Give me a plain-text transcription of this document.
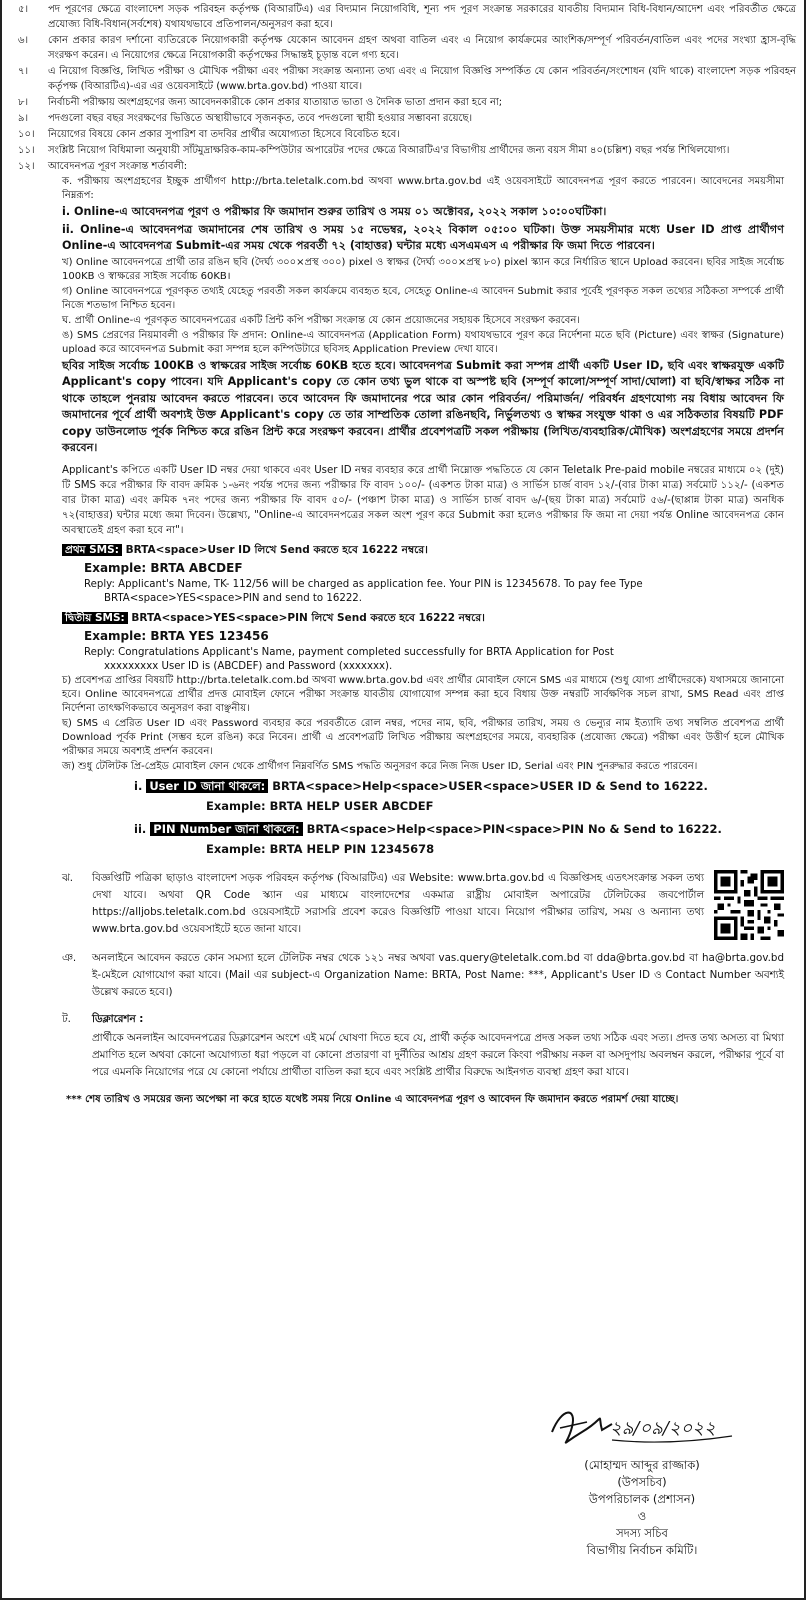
৫।	পদ পূরণের ক্ষেত্রে বাংলাদেশ সড়ক পরিবহন কর্তৃপক্ষ (বিআরটিএ) এর বিদ্যমান নিয়োগবিধি, শূন্য পদ পূরণ সংক্রান্ত সরকারের যাবতীয় বিদ্যমান বিধি-বিধান/আদেশ এবং পরিবর্তীত ক্ষেত্রে প্রযোজ্য বিধি-বিধান(সর্বশেষ) যথাযথভাবে প্রতিপালন/অনুসরণ করা হবে।
৬।	কোন প্রকার কারণ দর্শানো ব্যতিরেকে নিয়োগকারী কর্তৃপক্ষ যেকোন আবেদন গ্রহণ অথবা বাতিল এবং এ নিয়োগ কার্যক্রমের আংশিক/সম্পূর্ণ পরিবর্তন/বাতিল এবং পদের সংখ্যা হ্রাস-বৃদ্ধি সংরক্ষণ করেন। এ নিয়োগের ক্ষেত্রে নিয়োগকারী কর্তৃপক্ষের সিদ্ধান্তই চূড়ান্ত বলে গণ্য হবে।
৭।	এ নিয়োগ বিজ্ঞপ্তি, লিখিত পরীক্ষা ও মৌখিক পরীক্ষা এবং পরীক্ষা সংক্রান্ত অন্যান্য তথ্য এবং এ নিয়োগ বিজ্ঞপ্তি সম্পর্কিত যে কোন পরিবর্তন/সংশোধন (যদি থাকে) বাংলাদেশ সড়ক পরিবহন কর্তৃপক্ষ (বিআরটিএ)-এর এর ওয়েবসাইটে (www.brta.gov.bd) পাওয়া যাবে।
৮।	নির্বাচনী পরীক্ষায় অংশগ্রহণের জন্য আবেদনকারীকে কোন প্রকার যাতায়াত ভাতা ও দৈনিক ভাতা প্রদান করা হবে না;
৯।	পদগুলো বছর বছর সংরক্ষণের ভিত্তিতে অস্থায়ীভাবে সৃজনকৃত, তবে পদগুলো স্থায়ী হওয়ার সম্ভাবনা রয়েছে।
১০।	নিয়োগের বিষয়ে কোন প্রকার সুপারিশ বা তদবির প্রার্থীর অযোগ্যতা হিসেবে বিবেচিত হবে।
১১।	সংশ্লিষ্ট নিয়োগ বিধিমালা অনুযায়ী সাঁটমুদ্রাক্ষরিক-কাম-কম্পিউটার অপারেটর পদের ক্ষেত্রে বিআরটিএ'র বিভাগীয় প্রার্থীদের জন্য বয়স সীমা ৪০(চল্লিশ) বছর পর্যন্ত শিথিলযোগ্য।
১২।	আবেদনপত্র পূরণ সংক্রান্ত শর্তাবলী:
ক. পরীক্ষায় অংশগ্রহণের ইচ্ছুক প্রার্থীগণ http://brta.teletalk.com.bd অথবা www.brta.gov.bd এই ওয়েবসাইটে আবেদনপত্র পূরণ করতে পারবেন। আবেদনের সময়সীমা নিম্নরূপ:
i. Online-এ আবেদনপত্র পূরণ ও পরীক্ষার ফি জমাদান শুরুর তারিখ ও সময় ০১ অক্টোবর, ২০২২ সকাল ১০:০০ঘটিকা।
ii. Online-এ আবেদনপত্র জমাদানের শেষ তারিখ ও সময় ১৫ নভেম্বর, ২০২২ বিকাল ০৫:০০ ঘটিকা। উক্ত সময়সীমার মধ্যে User ID প্রাপ্ত প্রার্থীগণ Online-এ আবেদনপত্র Submit-এর সময় থেকে পরবর্তী ৭২ (বাহাত্তর) ঘন্টার মধ্যে এসএমএস এ পরীক্ষার ফি জমা দিতে পারবেন।
খ) Online আবেদনপত্রে প্রার্থী তার রঙিন ছবি (দৈর্ঘ্য ৩০০×প্রস্থ ৩০০) pixel ও স্বাক্ষর (দৈর্ঘ্য ৩০০×প্রস্থ ৮০) pixel স্ক্যান করে নির্ধারিত স্থানে Upload করবেন। ছবির সাইজ সর্বোচ্চ 100KB ও স্বাক্ষরের সাইজ সর্বোচ্চ 60KB।
গ) Online আবেদনপত্রে পূরণকৃত তথ্যই যেহেতু পরবর্তী সকল কার্যক্রমে ব্যবহৃত হবে, সেহেতু Online-এ আবেদন Submit করার পূর্বেই পূরণকৃত সকল তথ্যের সঠিকতা সম্পর্কে প্রার্থী নিজে শতভাগ নিশ্চিত হবেন।
ঘ. প্রার্থী Online-এ পূরণকৃত আবেদনপত্রের একটি প্রিন্ট কপি পরীক্ষা সংক্রান্ত যে কোন প্রয়োজনের সহায়ক হিসেবে সংরক্ষণ করবেন।
ঙ) SMS প্রেরণের নিয়মাবলী ও পরীক্ষার ফি প্রদান: Online-এ আবেদনপত্র (Application Form) যথাযথভাবে পূরণ করে নির্দেশনা মতে ছবি (Picture) এবং স্বাক্ষর (Signature) upload করে আবেদনপত্র Submit করা সম্পন্ন হলে কম্পিউটারে ছবিসহ Application Preview দেখা যাবে।
ছবির সাইজ সর্বোচ্চ 100KB ও স্বাক্ষরের সাইজ সর্বোচ্চ 60KB হতে হবে। আবেদনপত্র Submit করা সম্পন্ন প্রার্থী একটি User ID, ছবি এবং স্বাক্ষরযুক্ত একটি Applicant's copy পাবেন। যদি Applicant's copy তে কোন তথ্য ভুল থাকে বা অস্পষ্ট ছবি (সম্পূর্ণ কালো/সম্পূর্ণ সাদা/ঘোলা) বা ছবি/স্বাক্ষর সঠিক না থাকে তাহলে পুনরায় আবেদন করতে পারবেন। তবে আবেদন ফি জমাদানের পরে আর কোন পরিবর্তন/ পরিমার্জন/ পরিবর্ধন গ্রহণযোগ্য নয় বিধায় আবেদন ফি জমাদানের পূর্বে প্রার্থী অবশ্যই উক্ত Applicant's copy তে তার সাম্প্রতিক তোলা রঙিনছবি, নির্ভুলতথ্য ও স্বাক্ষর সংযুক্ত থাকা ও এর সঠিকতার বিষয়টি PDF copy ডাউনলোড পূর্বক নিশ্চিত করে রঙিন প্রিন্ট করে সংরক্ষণ করবেন। প্রার্থীর প্রবেশপত্রটি সকল পরীক্ষায় (লিখিত/ব্যবহারিক/মৌখিক) অংশগ্রহণের সময়ে প্রদর্শন করবেন।
Applicant's কপিতে একটি User ID নম্বর দেয়া থাকবে এবং User ID নম্বর ব্যবহার করে প্রার্থী নিম্নোক্ত পদ্ধতিতে যে কোন Teletalk Pre-paid mobile নম্বরের মাধ্যমে ০২ (দুই) টি SMS করে পরীক্ষার ফি বাবদ ক্রমিক ১-৬নং পর্যন্ত পদের জন্য পরীক্ষার ফি বাবদ ১০০/- (একশত টাকা মাত্র) ও সার্ভিস চার্জ বাবদ ১২/-(বার টাকা মাত্র) সর্বমোট ১১২/- (একশত বার টাকা মাত্র) এবং ক্রমিক ৭নং পদের জন্য পরীক্ষার ফি বাবদ ৫০/- (পঞ্চাশ টাকা মাত্র) ও সার্ভিস চার্জ বাবদ ৬/-(ছয় টাকা মাত্র) সর্বমোট ৫৬/-(ছাপ্পান্ন টাকা মাত্র) অনধিক ৭২(বাহাত্তর) ঘন্টার মধ্যে জমা দিবেন। উল্লেখ্য, "Online-এ আবেদনপত্রের সকল অংশ পূরণ করে Submit করা হলেও পরীক্ষার ফি জমা না দেয়া পর্যন্ত Online আবেদনপত্র কোন অবস্থাতেই গ্রহণ করা হবে না"।
প্রথম SMS: BRTA<space>User ID লিখে Send করতে হবে 16222 নম্বরে।
Example: BRTA ABCDEF
Reply: Applicant's Name, TK- 112/56 will be charged as application fee. Your PIN is 12345678. To pay fee Type
BRTA<space>YES<space>PIN and send to 16222.
দ্বিতীয় SMS: BRTA<space>YES<space>PIN লিখে Send করতে হবে 16222 নম্বরে।
Example: BRTA YES 123456
Reply: Congratulations Applicant's Name, payment completed successfully for BRTA Application for Post
xxxxxxxxx User ID is (ABCDEF) and Password (xxxxxxx).
চ) প্রবেশপত্র প্রাপ্তির বিষয়টি http://brta.teletalk.com.bd অথবা www.brta.gov.bd এবং প্রার্থীর মোবাইল ফোনে SMS এর মাধ্যমে (শুধু যোগ্য প্রার্থীদেরকে) যথাসময়ে জানানো হবে। Online আবেদনপত্রে প্রার্থীর প্রদত্ত মোবাইল ফোনে পরীক্ষা সংক্রান্ত যাবতীয় যোগাযোগ সম্পন্ন করা হবে বিধায় উক্ত নম্বরটি সার্বক্ষণিক সচল রাখা, SMS Read এবং প্রাপ্ত নির্দেশনা তাৎক্ষণিকভাবে অনুসরণ করা বাঞ্ছনীয়।
ছ) SMS এ প্রেরিত User ID এবং Password ব্যবহার করে পরবর্তীতে রোল নম্বর, পদের নাম, ছবি, পরীক্ষার তারিখ, সময় ও ভেন্যুর নাম ইত্যাদি তথ্য সম্বলিত প্রবেশপত্র প্রার্থী Download পূর্বক Print (সম্ভব হলে রঙিন) করে নিবেন। প্রার্থী এ প্রবেশপত্রটি লিখিত পরীক্ষায় অংশগ্রহণের সময়ে, ব্যবহারিক (প্রযোজ্য ক্ষেত্রে) পরীক্ষা এবং উত্তীর্ণ হলে মৌখিক পরীক্ষার সময়ে অবশ্যই প্রদর্শন করবেন।
জ) শুধু টেলিটক প্রি-প্রেইড মোবাইল ফোন থেকে প্রার্থীগণ নিম্নবর্ণিত SMS পদ্ধতি অনুসরণ করে নিজ নিজ User ID, Serial এবং PIN পুনরুদ্ধার করতে পারবেন।
i. User ID জানা থাকলে: BRTA<space>Help<space>USER<space>USER ID & Send to 16222.
Example: BRTA HELP USER ABCDEF
ii. PIN Number জানা থাকলে: BRTA<space>Help<space>PIN<space>PIN No & Send to 16222.
Example: BRTA HELP PIN 12345678
ঝ.	বিজ্ঞপ্তিটি পত্রিকা ছাড়াও বাংলাদেশ সড়ক পরিবহন কর্তৃপক্ষ (বিআরটিএ) এর Website: www.brta.gov.bd এ বিজ্ঞপ্তিসহ এতৎসংক্রান্ত সকল তথ্য দেখা যাবে। অথবা QR Code স্ক্যান এর মাধ্যমে বাংলাদেশের একমাত্র রাষ্ট্রীয় মোবাইল অপারেটর টেলিটকের জবপোর্টাল https://alljobs.teletalk.com.bd ওয়েবসাইটে সরাসরি প্রবেশ করেও বিজ্ঞপ্তিটি পাওয়া যাবে। নিয়োগ পরীক্ষার তারিখ, সময় ও অন্যান্য তথ্য www.brta.gov.bd ওয়েবসাইটে হতে জানা যাবে।
ঞ.	অনলাইনে আবেদন করতে কোন সমস্যা হলে টেলিটক নম্বর থেকে ১২১ নম্বর অথবা vas.query@teletalk.com.bd বা dda@brta.gov.bd বা ha@brta.gov.bd ই-মেইলে যোগাযোগ করা যাবে। (Mail এর subject-এ Organization Name: BRTA, Post Name: ***, Applicant's User ID ও Contact Number অবশ্যই উল্লেখ করতে হবে।)
ট.	ডিক্লারেশন :
প্রার্থীকে অনলাইন আবেদনপত্রের ডিক্লারেশন অংশে এই মর্মে ঘোষণা দিতে হবে যে, প্রার্থী কর্তৃক আবেদনপত্রে প্রদত্ত সকল তথ্য সঠিক এবং সত্য। প্রদত্ত তথ্য অসত্য বা মিথ্যা প্রমাণিত হলে অথবা কোনো অযোগ্যতা ধরা পড়লে বা কোনো প্রতারণা বা দুর্নীতির আশ্রয় গ্রহণ করলে কিংবা পরীক্ষায় নকল বা অসদুপায় অবলম্বন করলে, পরীক্ষার পূর্বে বা পরে এমনকি নিয়োগের পরে যে কোনো পর্যায়ে প্রার্থীতা বাতিল করা হবে এবং সংশ্লিষ্ট প্রার্থীর বিরুদ্ধে আইনগত ব্যবস্থা গ্রহণ করা যাবে।
*** শেষ তারিখ ও সময়ের জন্য অপেক্ষা না করে হাতে যথেষ্ট সময় নিয়ে Online এ আবেদনপত্র পূরণ ও আবেদন ফি জমাদান করতে পরামর্শ দেয়া যাচ্ছে।
২৯/০৯/২০২২
(মোহাম্মদ আব্দুর রাজ্জাক)
(উপসচিব)
উপপরিচালক (প্রশাসন)
ও
সদস্য সচিব
বিভাগীয় নির্বাচন কমিটি।
